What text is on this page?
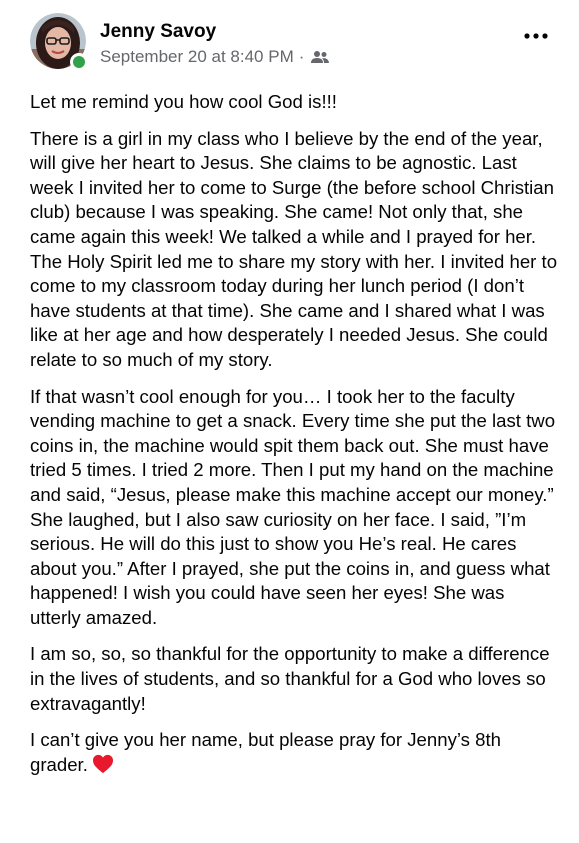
Jenny Savoy
September 20 at 8:40 PM ·

Let me remind you how cool God is!!!

There is a girl in my class who I believe by the end of the year, will give her heart to Jesus. She claims to be agnostic. Last week I invited her to come to Surge (the before school Christian club) because I was speaking. She came! Not only that, she came again this week! We talked a while and I prayed for her. The Holy Spirit led me to share my story with her. I invited her to come to my classroom today during her lunch period (I don’t have students at that time). She came and I shared what I was like at her age and how desperately I needed Jesus. She could relate to so much of my story.

If that wasn’t cool enough for you… I took her to the faculty vending machine to get a snack. Every time she put the last two coins in, the machine would spit them back out. She must have tried 5 times. I tried 2 more. Then I put my hand on the machine and said, “Jesus, please make this machine accept our money.” She laughed, but I also saw curiosity on her face. I said, ”I’m serious. He will do this just to show you He’s real. He cares about you.” After I prayed, she put the coins in, and guess what happened! I wish you could have seen her eyes! She was utterly amazed.

I am so, so, so thankful for the opportunity to make a difference in the lives of students, and so thankful for a God who loves so extravagantly!

I can’t give you her name, but please pray for Jenny’s 8th grader.
